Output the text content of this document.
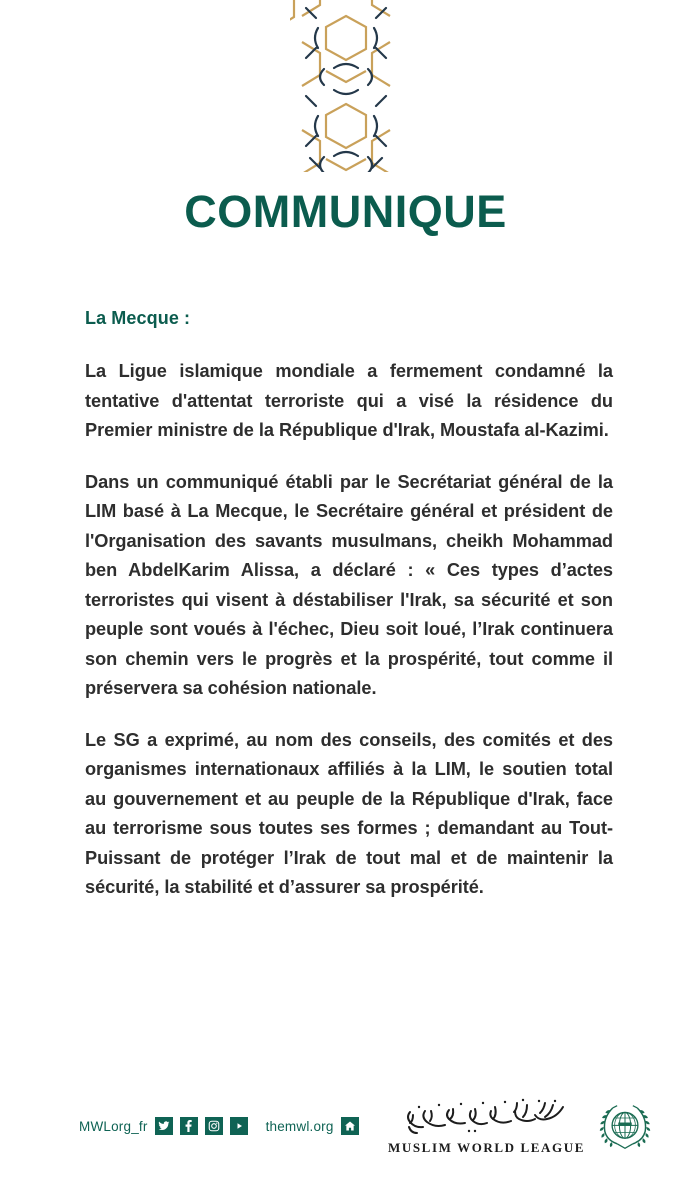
COMMUNIQUE
La Mecque :

La Ligue islamique mondiale a fermement condamné la tentative d'attentat terroriste qui a visé la résidence du Premier ministre de la République d'Irak, Moustafa al-Kazimi.

Dans un communiqué établi par le Secrétariat général de la LIM basé à La Mecque, le Secrétaire général et président de l'Organisation des savants musulmans, cheikh Mohammad ben AbdelKarim Alissa, a déclaré : « Ces types d’actes terroristes qui visent à déstabiliser l'Irak, sa sécurité et son peuple sont voués à l'échec, Dieu soit loué, l’Irak continuera son chemin vers le progrès et la prospérité, tout comme il préservera sa cohésion nationale.

Le SG a exprimé, au nom des conseils, des comités et des organismes internationaux affiliés à la LIM, le soutien total au gouvernement et au peuple de la République d'Irak, face au terrorisme sous toutes ses formes ; demandant au Tout-Puissant de protéger l’Irak de tout mal et de maintenir la sécurité, la stabilité et d’assurer sa prospérité.

MWLorg_fr	themwl.org
MUSLIM WORLD LEAGUE
